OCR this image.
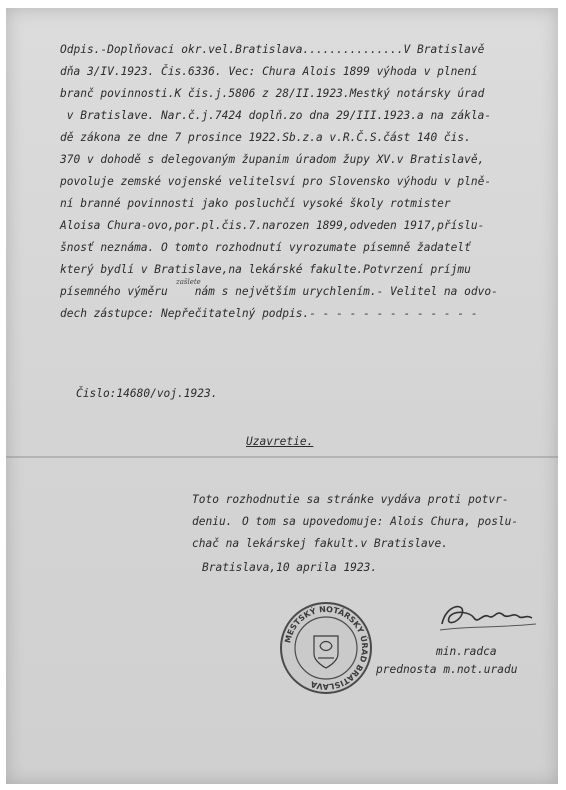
Odpis.-Doplňovaci okr.vel.Bratislava...............V Bratislavě
dňa 3/IV.1923. Čis.6336. Vec: Chura Alois 1899 výhoda v plnení
branč povinnosti.K čis.j.5806 z 28/II.1923.Mestký notársky úrad
v Bratislave. Nar.č.j.7424 doplň.zo dna 29/III.1923.a na zákla-
dě zákona ze dne 7 prosince 1922.Sb.z.a v.R.Č.S.část 140 čis.
370 v dohodě s delegovaným županim úradom župy XV.v Bratislavě,
povoluje zemské vojenské velitelsví pro Slovensko výhodu v plně-
ní branné povinnosti jako posluchčí vysoké školy rotmister
Aloisa Chura-ovo,por.pl.čis.7.narozen 1899,odveden 1917,příslu-
šnosť neznáma. O tomto rozhodnutí vyrozumate písemně žadatelť
který bydlí v Bratislave,na lekárské fakulte.Potvrzení príjmu
zašlete
písemného výměru    nám s největším urychlením.- Velitel na odvo-
dech zástupce: Nepřečitatelný podpis.- - - - - - - - - - - - -
Čislo:14680/voj.1923.
Uzavretie.
Toto rozhodnutie sa stránke vydáva proti potvr-
deniu. O tom sa upovedomuje: Alois Chura, poslu-
chač na lekárskej fakult.v Bratislave.
Bratislava,10 aprila 1923.
min.radca
prednosta m.not.uradu
MESTSKÝ NOTÁRSKY ÚRAD BRATISLAVA
